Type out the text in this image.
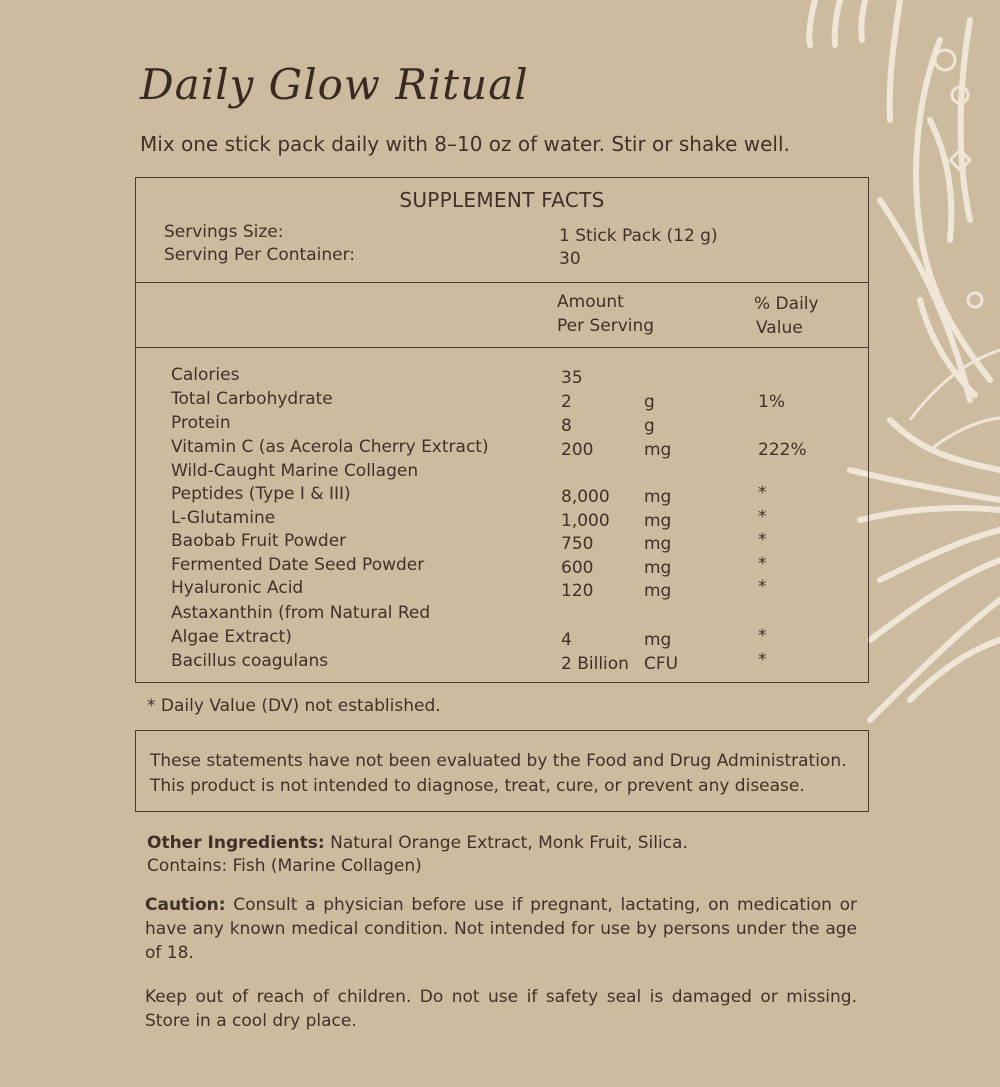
Daily Glow Ritual
Mix one stick pack daily with 8–10 oz of water. Stir or shake well.
SUPPLEMENT FACTS
Servings Size:	1 Stick Pack (12 g)
Serving Per Container:	30
Amount
Per Serving
% Daily
Value
Calories	35
Total Carbohydrate	2	g	1%
Protein	8	g
Vitamin C (as Acerola Cherry Extract)	200	mg	222%
Wild-Caught Marine Collagen
Peptides (Type I & III)	8,000 mg	*
L-Glutamine	1,000 mg	*
Baobab Fruit Powder	750	mg	*
Fermented Date Seed Powder	600	mg	*
Hyaluronic Acid	120	mg	*
Astaxanthin (from Natural Red
Algae Extract)	4	mg	*
Bacillus coagulans	2 Billion CFU	*
* Daily Value (DV) not established.
These statements have not been evaluated by the Food and Drug Administration.
This product is not intended to diagnose, treat, cure, or prevent any disease.
Other Ingredients: Natural Orange Extract, Monk Fruit, Silica.
Contains: Fish (Marine Collagen)
Caution: Consult a physician before use if pregnant, lactating, on medication or have any known medical condition. Not intended for use by persons under the age of 18.
Keep out of reach of children. Do not use if safety seal is damaged or missing. Store in a cool dry place.
